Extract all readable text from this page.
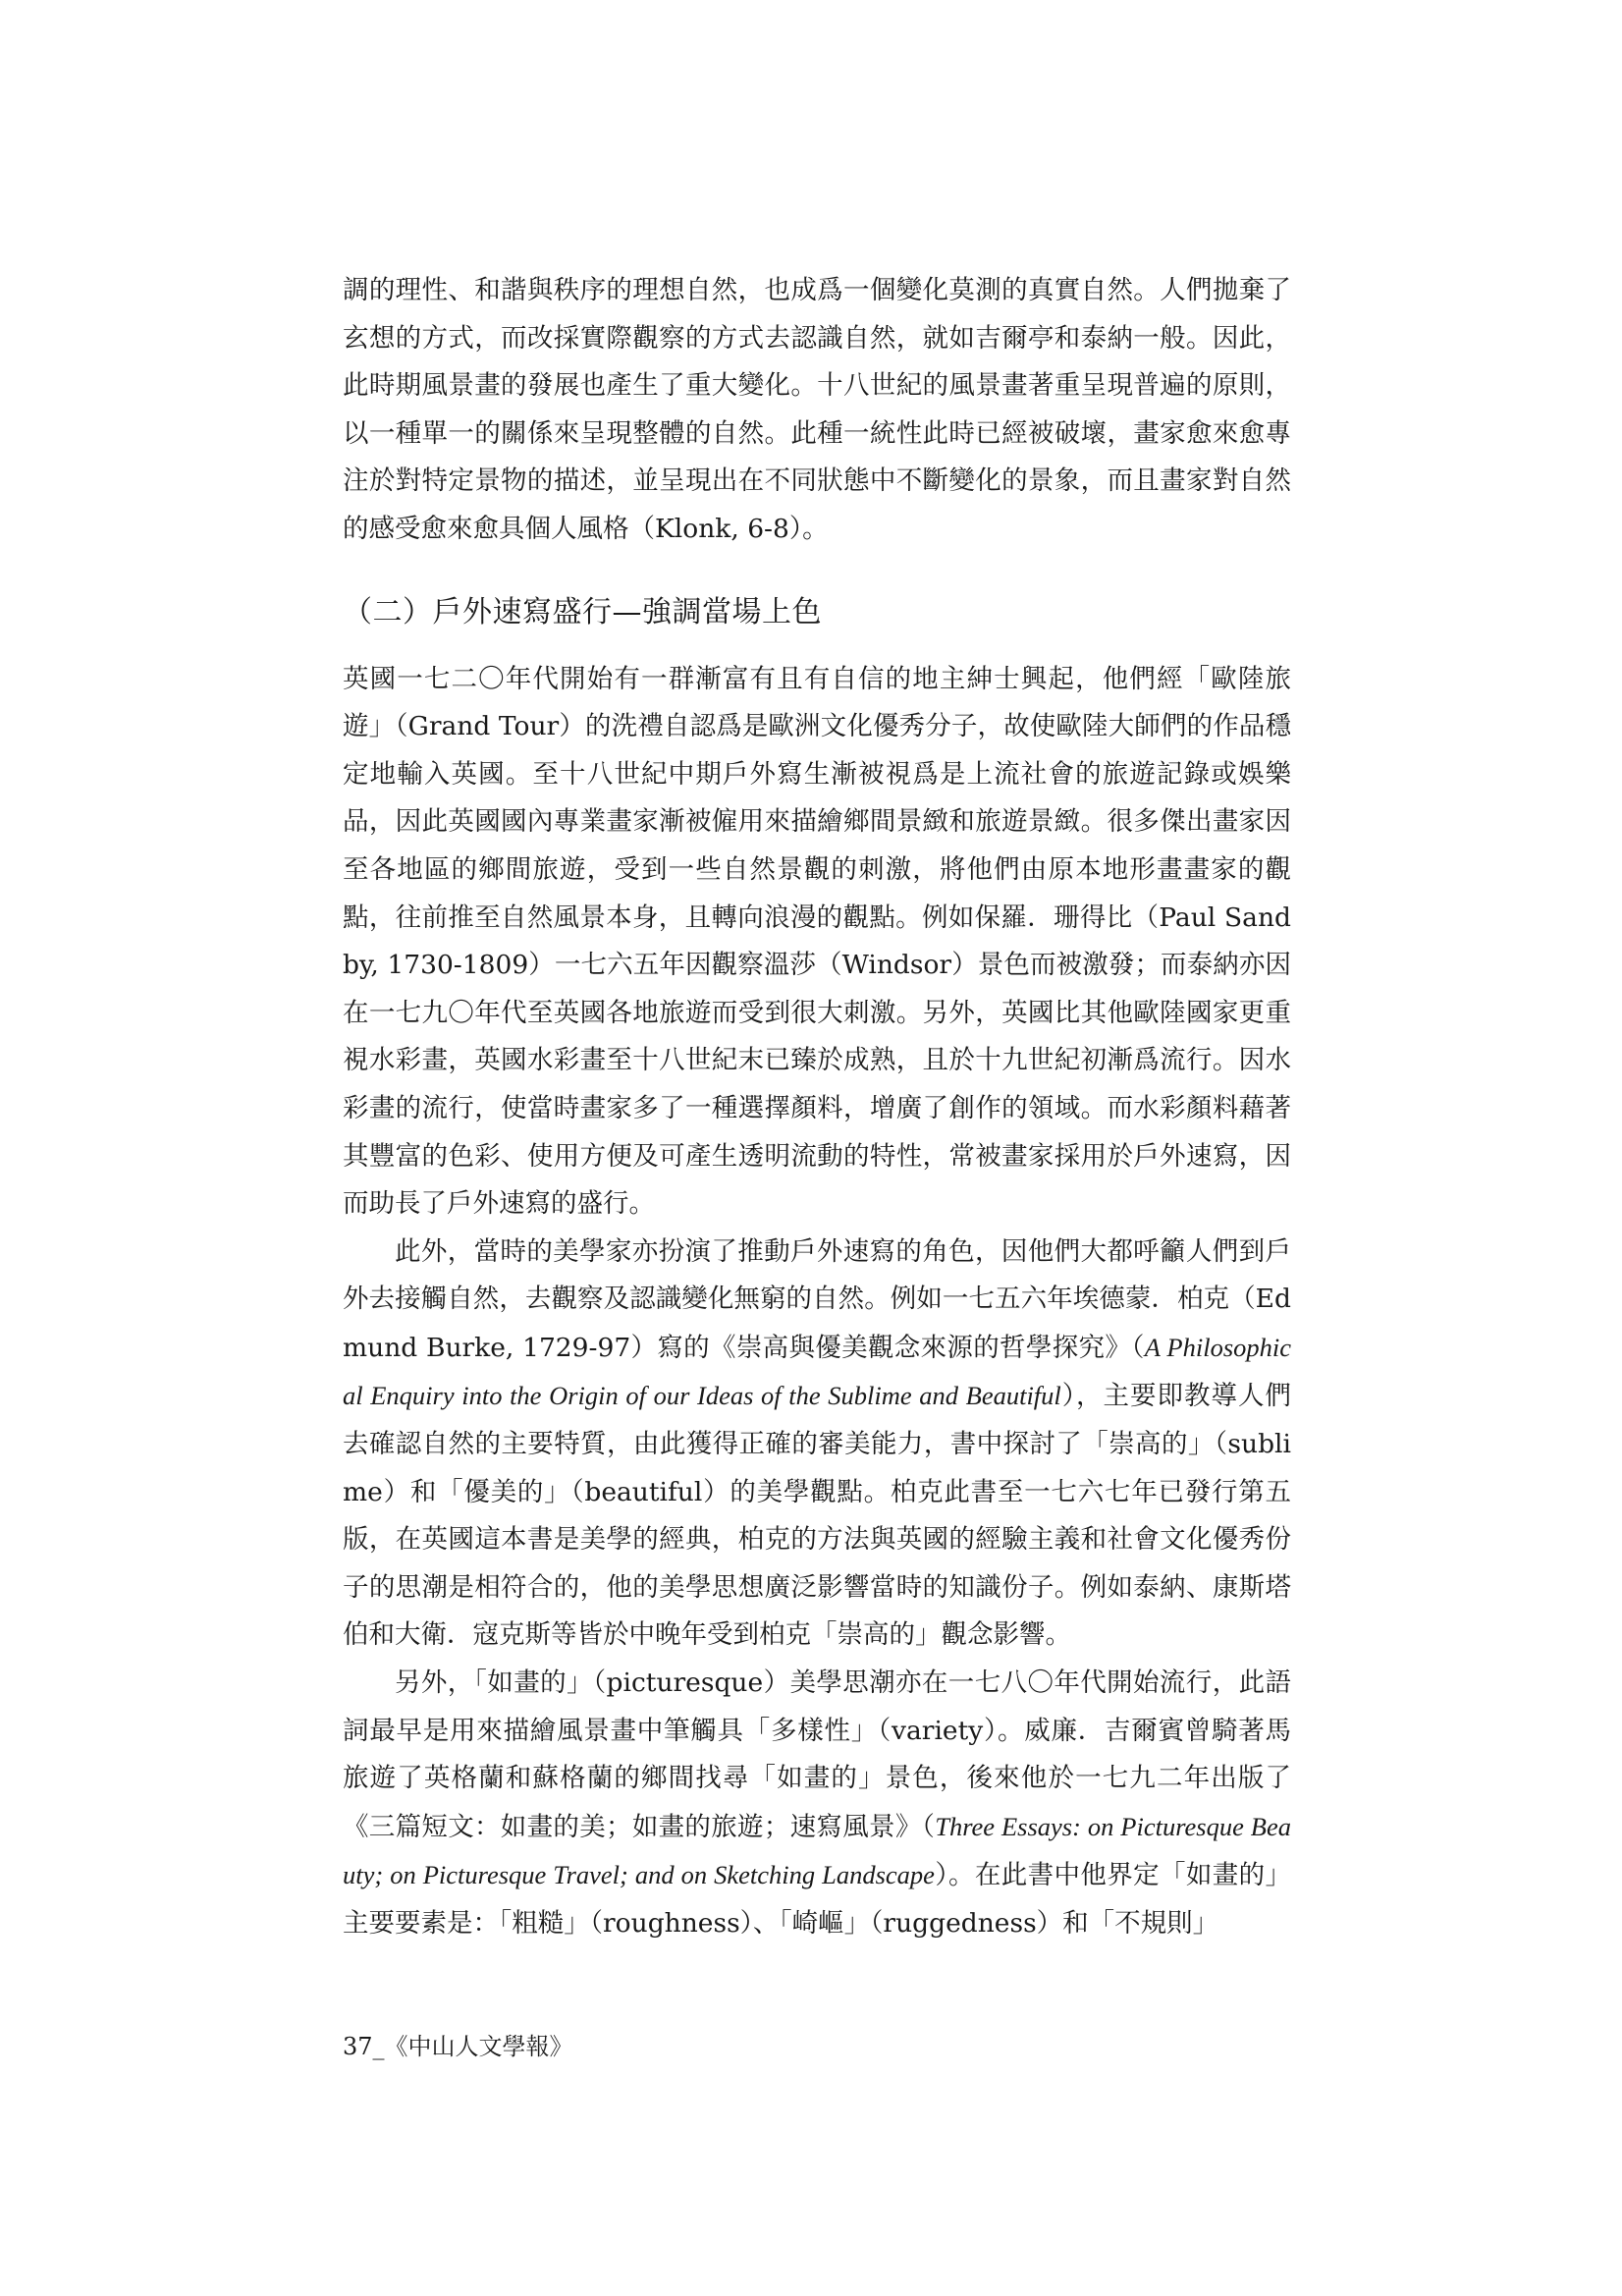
調的理性、和諧與秩序的理想自然，也成爲一個變化莫測的真實自然。人們拋棄了玄想的方式，而改採實際觀察的方式去認識自然，就如吉爾亭和泰納一般。因此，此時期風景畫的發展也產生了重大變化。十八世紀的風景畫著重呈現普遍的原則，以一種單一的關係來呈現整體的自然。此種一統性此時已經被破壞，畫家愈來愈專注於對特定景物的描述，並呈現出在不同狀態中不斷變化的景象，而且畫家對自然的感受愈來愈具個人風格（Klonk, 6-8）。

（二）戶外速寫盛行—強調當場上色

英國一七二〇年代開始有一群漸富有且有自信的地主紳士興起，他們經「歐陸旅遊」（Grand Tour）的洗禮自認爲是歐洲文化優秀分子，故使歐陸大師們的作品穩定地輸入英國。至十八世紀中期戶外寫生漸被視爲是上流社會的旅遊記錄或娛樂品，因此英國國內專業畫家漸被僱用來描繪鄉間景緻和旅遊景緻。很多傑出畫家因至各地區的鄉間旅遊，受到一些自然景觀的刺激，將他們由原本地形畫畫家的觀點，往前推至自然風景本身，且轉向浪漫的觀點。例如保羅．珊得比（Paul Sandby, 1730-1809）一七六五年因觀察溫莎（Windsor）景色而被激發；而泰納亦因在一七九〇年代至英國各地旅遊而受到很大刺激。另外，英國比其他歐陸國家更重視水彩畫，英國水彩畫至十八世紀末已臻於成熟，且於十九世紀初漸爲流行。因水彩畫的流行，使當時畫家多了一種選擇顏料，增廣了創作的領域。而水彩顏料藉著其豐富的色彩、使用方便及可產生透明流動的特性，常被畫家採用於戶外速寫，因而助長了戶外速寫的盛行。

此外，當時的美學家亦扮演了推動戶外速寫的角色，因他們大都呼籲人們到戶外去接觸自然，去觀察及認識變化無窮的自然。例如一七五六年埃德蒙．柏克（Edmund Burke, 1729-97）寫的《崇高與優美觀念來源的哲學探究》（A Philosophical Enquiry into the Origin of our Ideas of the Sublime and Beautiful），主要即教導人們去確認自然的主要特質，由此獲得正確的審美能力，書中探討了「崇高的」（sublime）和「優美的」（beautiful）的美學觀點。柏克此書至一七六七年已發行第五版，在英國這本書是美學的經典，柏克的方法與英國的經驗主義和社會文化優秀份子的思潮是相符合的，他的美學思想廣泛影響當時的知識份子。例如泰納、康斯塔伯和大衛．寇克斯等皆於中晚年受到柏克「崇高的」觀念影響。

另外，「如畫的」（picturesque）美學思潮亦在一七八〇年代開始流行，此語詞最早是用來描繪風景畫中筆觸具「多樣性」（variety）。威廉．吉爾賓曾騎著馬旅遊了英格蘭和蘇格蘭的鄉間找尋「如畫的」景色，後來他於一七九二年出版了《三篇短文：如畫的美；如畫的旅遊；速寫風景》（Three Essays: on Picturesque Beauty; on Picturesque Travel; and on Sketching Landscape）。在此書中他界定「如畫的」主要要素是：「粗糙」（roughness）、「崎嶇」（ruggedness）和「不規則」

37_《中山人文學報》
